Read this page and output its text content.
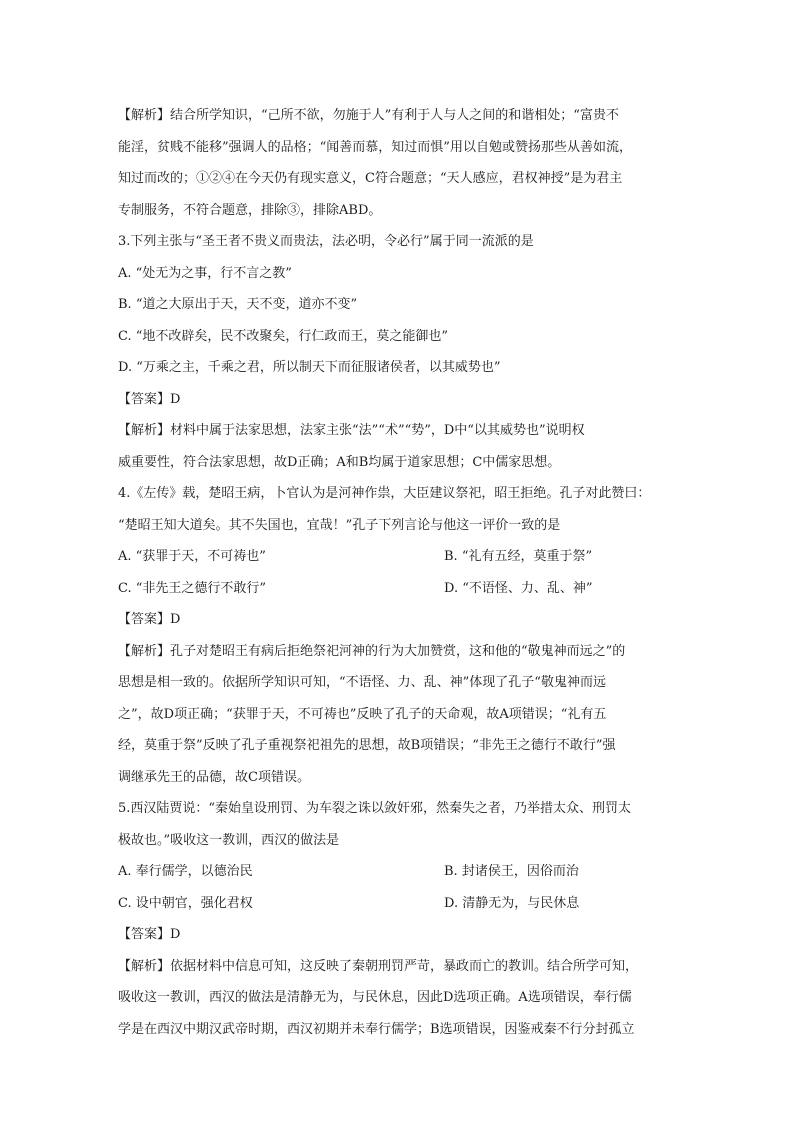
【解析】结合所学知识，“己所不欲，勿施于人”有利于人与人之间的和谐相处；“富贵不
能淫，贫贱不能移”强调人的品格；“闻善而慕，知过而惧”用以自勉或赞扬那些从善如流，
知过而改的；①②④在今天仍有现实意义，C符合题意；“天人感应，君权神授”是为君主
专制服务，不符合题意，排除③，排除ABD。
3.下列主张与“圣王者不贵义而贵法，法必明，令必行”属于同一流派的是
A. “处无为之事，行不言之教”
B. “道之大原出于天，天不变，道亦不变”
C. “地不改辟矣，民不改聚矣，行仁政而王，莫之能御也”
D. “万乘之主，千乘之君，所以制天下而征服诸侯者，以其威势也”
【答案】D
【解析】材料中属于法家思想，法家主张“法”“术”“势”，D中“以其威势也”说明权
威重要性，符合法家思想，故D正确；A和B均属于道家思想；C中儒家思想。
4.《左传》载，楚昭王病，卜官认为是河神作祟，大臣建议祭祀，昭王拒绝。孔子对此赞曰：
“楚昭王知大道矣。其不失国也，宜哉！”孔子下列言论与他这一评价一致的是
A. “获罪于天，不可祷也”	B. “礼有五经，莫重于祭”
C. “非先王之德行不敢行”	D. “不语怪、力、乱、神”
【答案】D
【解析】孔子对楚昭王有病后拒绝祭祀河神的行为大加赞赏，这和他的“敬鬼神而远之”的
思想是相一致的。依据所学知识可知，“不语怪、力、乱、神”体现了孔子“敬鬼神而远
之”，故D项正确；“获罪于天，不可祷也”反映了孔子的天命观，故A项错误；“礼有五
经，莫重于祭”反映了孔子重视祭祀祖先的思想，故B项错误；“非先王之德行不敢行”强
调继承先王的品德，故C项错误。
5.西汉陆贾说：“秦始皇设刑罚、为车裂之诛以敛奸邪，然秦失之者，乃举措太众、刑罚太
极故也。”吸收这一教训，西汉的做法是
A. 奉行儒学，以德治民	B. 封诸侯王，因俗而治
C. 设中朝官，强化君权	D. 清静无为，与民休息
【答案】D
【解析】依据材料中信息可知，这反映了秦朝刑罚严苛，暴政而亡的教训。结合所学可知，
吸收这一教训，西汉的做法是清静无为，与民休息，因此D选项正确。A选项错误，奉行儒
学是在西汉中期汉武帝时期，西汉初期并未奉行儒学；B选项错误，因鉴戒秦不行分封孤立
